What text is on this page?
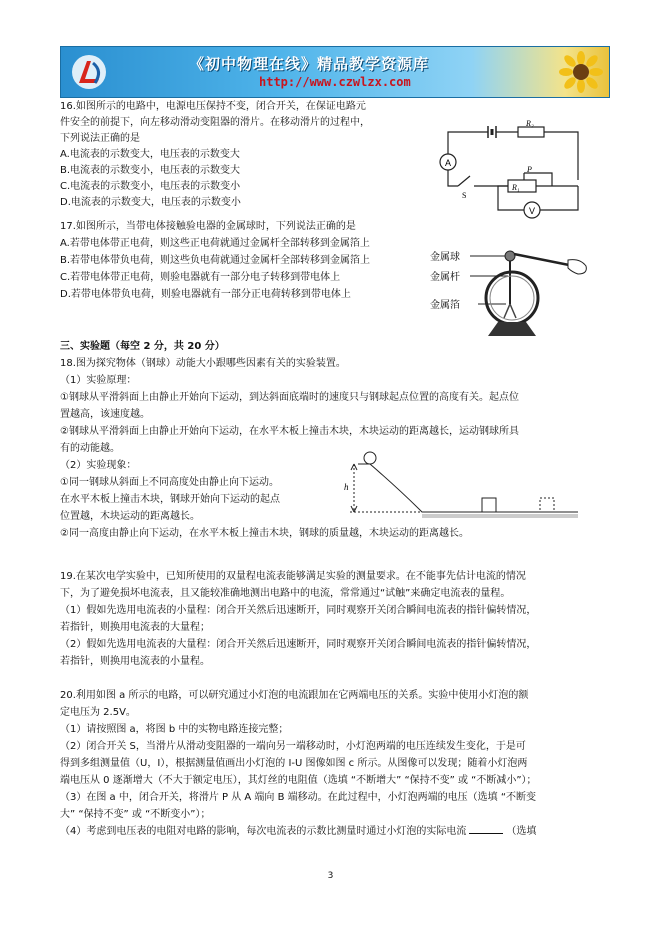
《初中物理在线》精品教学资源库
http://www.czwlzx.com
16.如图所示的电路中，电源电压保持不变，闭合开关，在保证电路元
件安全的前提下，向左移动滑动变阻器的滑片。在移动滑片的过程中，
下列说法正确的是
A.电流表的示数变大，电压表的示数变大
B.电流表的示数变小，电压表的示数变大
C.电流表的示数变小，电压表的示数变小
D.电流表的示数变大，电压表的示数变小
A
V
R₂
R₁
P
S
17.如图所示，当带电体接触验电器的金属球时，下列说法正确的是
A.若带电体带正电荷，则这些正电荷就通过金属杆全部转移到金属箔上
B.若带电体带负电荷，则这些负电荷就通过金属杆全部转移到金属箔上
C.若带电体带正电荷，则验电器就有一部分电子转移到带电体上
D.若带电体带负电荷，则验电器就有一部分正电荷转移到带电体上
金属球
金属杆
金属箔
三、实验题（每空 2 分，共 20 分）
18.图为探究物体（钢球）动能大小跟哪些因素有关的实验装置。
（1）实验原理：
①钢球从平滑斜面上由静止开始向下运动，到达斜面底端时的速度只与钢球起点位置的高度有关。起点位
置越高，该速度越。
②钢球从平滑斜面上由静止开始向下运动，在水平木板上撞击木块，木块运动的距离越长，运动钢球所具
有的动能越。
（2）实验现象：
①同一钢球从斜面上不同高度处由静止向下运动。
在水平木板上撞击木块，钢球开始向下运动的起点
位置越，木块运动的距离越长。
②同一高度由静止向下运动，在水平木板上撞击木块，钢球的质量越，木块运动的距离越长。
h
19.在某次电学实验中，已知所使用的双量程电流表能够满足实验的测量要求。在不能事先估计电流的情况
下，为了避免损坏电流表，且又能较准确地测出电路中的电流，常常通过“试触”来确定电流表的量程。
（1）假如先选用电流表的小量程：闭合开关然后迅速断开，同时观察开关闭合瞬间电流表的指针偏转情况，
若指针，则换用电流表的大量程；
（2）假如先选用电流表的大量程：闭合开关然后迅速断开，同时观察开关闭合瞬间电流表的指针偏转情况，
若指针，则换用电流表的小量程。
20.利用如图 a 所示的电路，可以研究通过小灯泡的电流跟加在它两端电压的关系。实验中使用小灯泡的额
定电压为 2.5V。
（1）请按照图 a，将图 b 中的实物电路连接完整；
（2）闭合开关 S，当滑片从滑动变阻器的一端向另一端移动时，小灯泡两端的电压连续发生变化，于是可
得到多组测量值（U，I），根据测量值画出小灯泡的 I-U 图像如图 c 所示。从图像可以发现；随着小灯泡两
端电压从 0 逐渐增大（不大于额定电压），其灯丝的电阻值（选填 “不断增大” “保持不变” 或 “不断减小”）；
（3）在图 a 中，闭合开关，将滑片 P 从 A 端向 B 端移动。在此过程中，小灯泡两端的电压（选填 “不断变
大” “保持不变” 或 “不断变小”）；
（4）考虑到电压表的电阻对电路的影响，每次电流表的示数比测量时通过小灯泡的实际电流	（选填
3
